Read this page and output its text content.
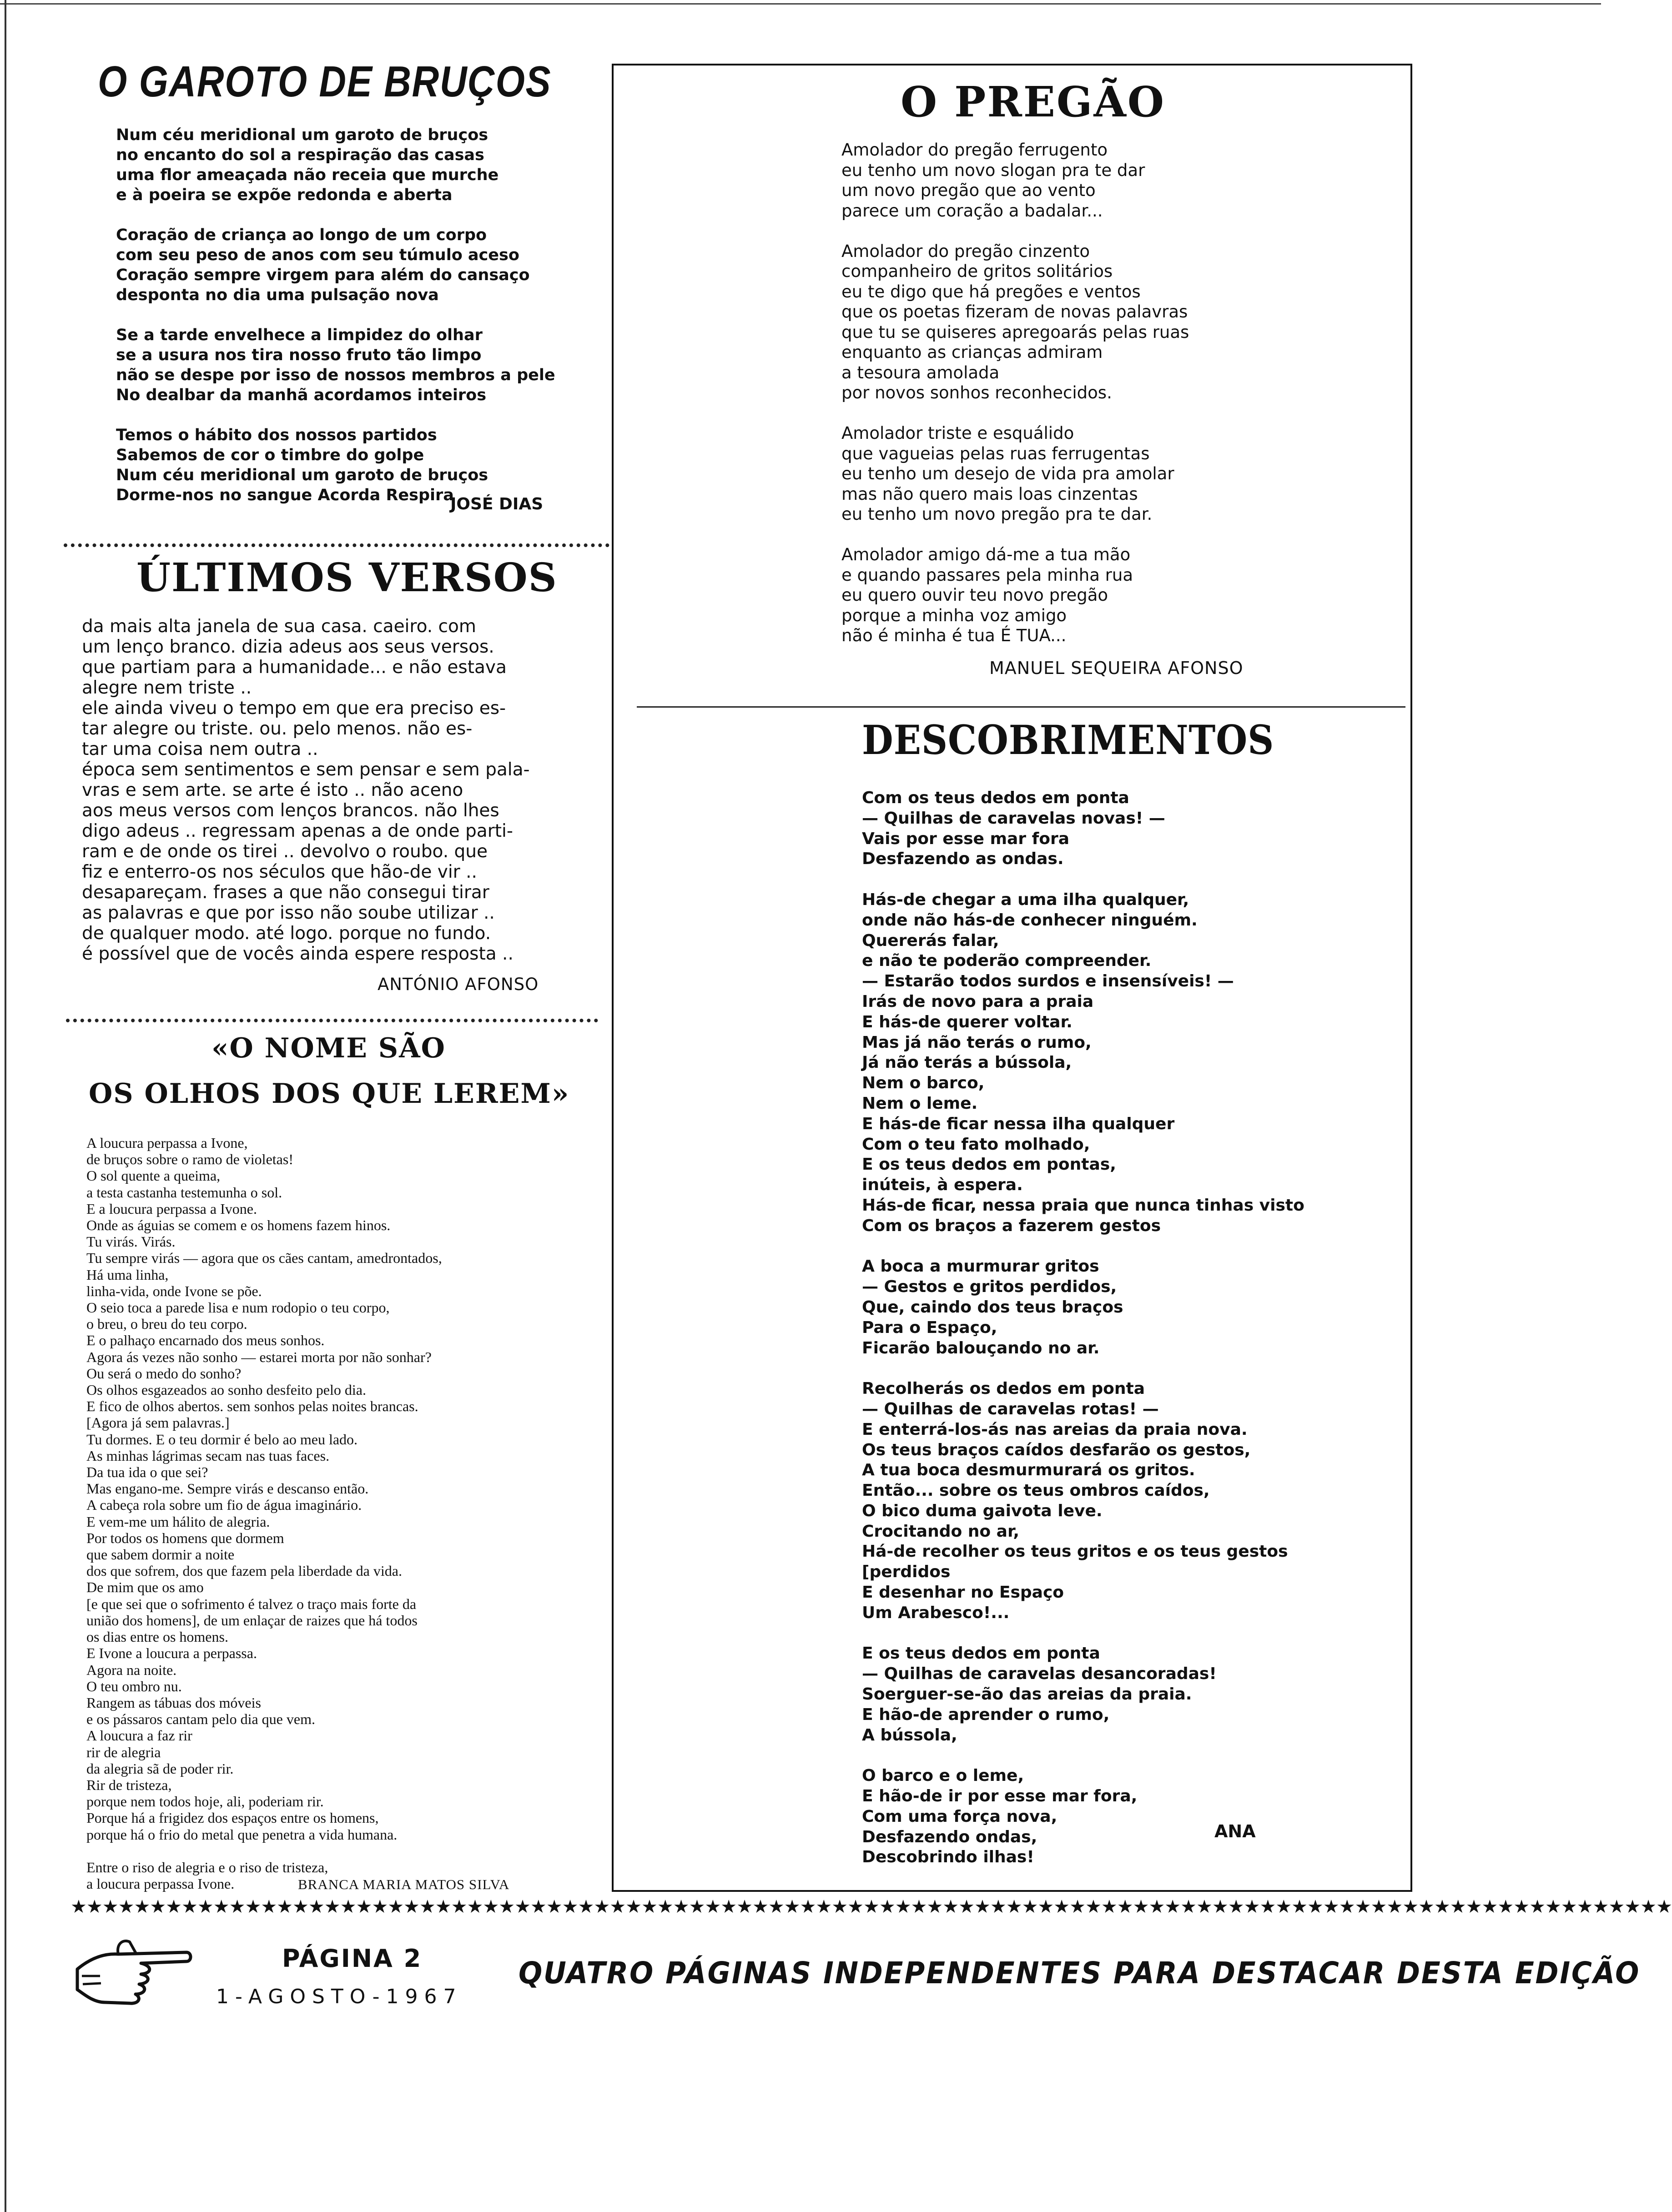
O GAROTO DE BRUÇOS
Num céu meridional um garoto de bruços
no encanto do sol a respiração das casas
uma flor ameaçada não receia que murche
e à poeira se expõe redonda e aberta

Coração de criança ao longo de um corpo
com seu peso de anos com seu túmulo aceso
Coração sempre virgem para além do cansaço
desponta no dia uma pulsação nova

Se a tarde envelhece a limpidez do olhar
se a usura nos tira nosso fruto tão limpo
não se despe por isso de nossos membros a pele
No dealbar da manhã acordamos inteiros

Temos o hábito dos nossos partidos
Sabemos de cor o timbre do golpe
Num céu meridional um garoto de bruços
Dorme-nos no sangue Acorda Respira
JOSÉ DIAS
ÚLTIMOS VERSOS
da mais alta janela de sua casa. caeiro. com
um lenço branco. dizia adeus aos seus versos.
que partiam para a humanidade... e não estava
alegre nem triste ..
ele ainda viveu o tempo em que era preciso es-
tar alegre ou triste. ou. pelo menos. não es-
tar uma coisa nem outra ..
época sem sentimentos e sem pensar e sem pala-
vras e sem arte. se arte é isto .. não aceno
aos meus versos com lenços brancos. não lhes
digo adeus .. regressam apenas a de onde parti-
ram e de onde os tirei .. devolvo o roubo. que
fiz e enterro-os nos séculos que hão-de vir ..
desapareçam. frases a que não consegui tirar
as palavras e que por isso não soube utilizar ..
de qualquer modo. até logo. porque no fundo.
é possível que de vocês ainda espere resposta ..
ANTÓNIO AFONSO
«O NOME SÃO
OS OLHOS DOS QUE LEREM»
A loucura perpassa a Ivone,
de bruços sobre o ramo de violetas!
O sol quente a queima,
a testa castanha testemunha o sol.
E a loucura perpassa a Ivone.
Onde as águias se comem e os homens fazem hinos.
Tu virás. Virás.
Tu sempre virás — agora que os cães cantam, amedrontados,
Há uma linha,
linha-vida, onde Ivone se põe.
O seio toca a parede lisa e num rodopio o teu corpo,
o breu, o breu do teu corpo.
E o palhaço encarnado dos meus sonhos.
Agora ás vezes não sonho — estarei morta por não sonhar?
Ou será o medo do sonho?
Os olhos esgazeados ao sonho desfeito pelo dia.
E fico de olhos abertos. sem sonhos pelas noites brancas.
[Agora já sem palavras.]
Tu dormes. E o teu dormir é belo ao meu lado.
As minhas lágrimas secam nas tuas faces.
Da tua ida o que sei?
Mas engano-me. Sempre virás e descanso então.
A cabeça rola sobre um fio de água imaginário.
E vem-me um hálito de alegria.
Por todos os homens que dormem
que sabem dormir a noite
dos que sofrem, dos que fazem pela liberdade da vida.
De mim que os amo
[e que sei que o sofrimento é talvez o traço mais forte da
união dos homens], de um enlaçar de raizes que há todos
os dias entre os homens.
E Ivone a loucura a perpassa.
Agora na noite.
O teu ombro nu.
Rangem as tábuas dos móveis
e os pássaros cantam pelo dia que vem.
A loucura a faz rir
rir de alegria
da alegria sã de poder rir.
Rir de tristeza,
porque nem todos hoje, ali, poderiam rir.
Porque há a frigidez dos espaços entre os homens,
porque há o frio do metal que penetra a vida humana.

Entre o riso de alegria e o riso de tristeza,
a loucura perpassa Ivone.	BRANCA MARIA MATOS SILVA
O PREGÃO
Amolador do pregão ferrugento
eu tenho um novo slogan pra te dar
um novo pregão que ao vento
parece um coração a badalar...

Amolador do pregão cinzento
companheiro de gritos solitários
eu te digo que há pregões e ventos
que os poetas fizeram de novas palavras
que tu se quiseres apregoarás pelas ruas
enquanto as crianças admiram
a tesoura amolada
por novos sonhos reconhecidos.

Amolador triste e esquálido
que vagueias pelas ruas ferrugentas
eu tenho um desejo de vida pra amolar
mas não quero mais loas cinzentas
eu tenho um novo pregão pra te dar.

Amolador amigo dá-me a tua mão
e quando passares pela minha rua
eu quero ouvir teu novo pregão
porque a minha voz amigo
não é minha é tua É TUA...
MANUEL SEQUEIRA AFONSO
DESCOBRIMENTOS
Com os teus dedos em ponta
— Quilhas de caravelas novas! —
Vais por esse mar fora
Desfazendo as ondas.

Hás-de chegar a uma ilha qualquer,
onde não hás-de conhecer ninguém.
Quererás falar,
e não te poderão compreender.
— Estarão todos surdos e insensíveis! —
Irás de novo para a praia
E hás-de querer voltar.
Mas já não terás o rumo,
Já não terás a bússola,
Nem o barco,
Nem o leme.
E hás-de ficar nessa ilha qualquer
Com o teu fato molhado,
E os teus dedos em pontas,
inúteis, à espera.
Hás-de ficar, nessa praia que nunca tinhas visto
Com os braços a fazerem gestos

A boca a murmurar gritos
— Gestos e gritos perdidos,
Que, caindo dos teus braços
Para o Espaço,
Ficarão balouçando no ar.

Recolherás os dedos em ponta
— Quilhas de caravelas rotas! —
E enterrá-los-ás nas areias da praia nova.
Os teus braços caídos desfarão os gestos,
A tua boca desmurmurará os gritos.
Então... sobre os teus ombros caídos,
O bico duma gaivota leve.
Crocitando no ar,
Há-de recolher os teus gritos e os teus gestos
[perdidos
E desenhar no Espaço
Um Arabesco!...

E os teus dedos em ponta
— Quilhas de caravelas desancoradas!
Soerguer-se-ão das areias da praia.
E hão-de aprender o rumo,
A bússola,

O barco e o leme,
E hão-de ir por esse mar fora,
Com uma força nova,
Desfazendo ondas,
Descobrindo ilhas!
ANA
★★★★★★★★★★★★★★★★★★★★★★★★★★★★★★★★★★★★★★★★★★★★★★★★★★★★★★★★★★★★★★★★★★★★★★★★★★★★★★★★★★★★★★★★★★★★★★★★★★★★★
PÁGINA 2
1-AGOSTO-1967
QUATRO PÁGINAS INDEPENDENTES PARA DESTACAR DESTA EDIÇÃO
